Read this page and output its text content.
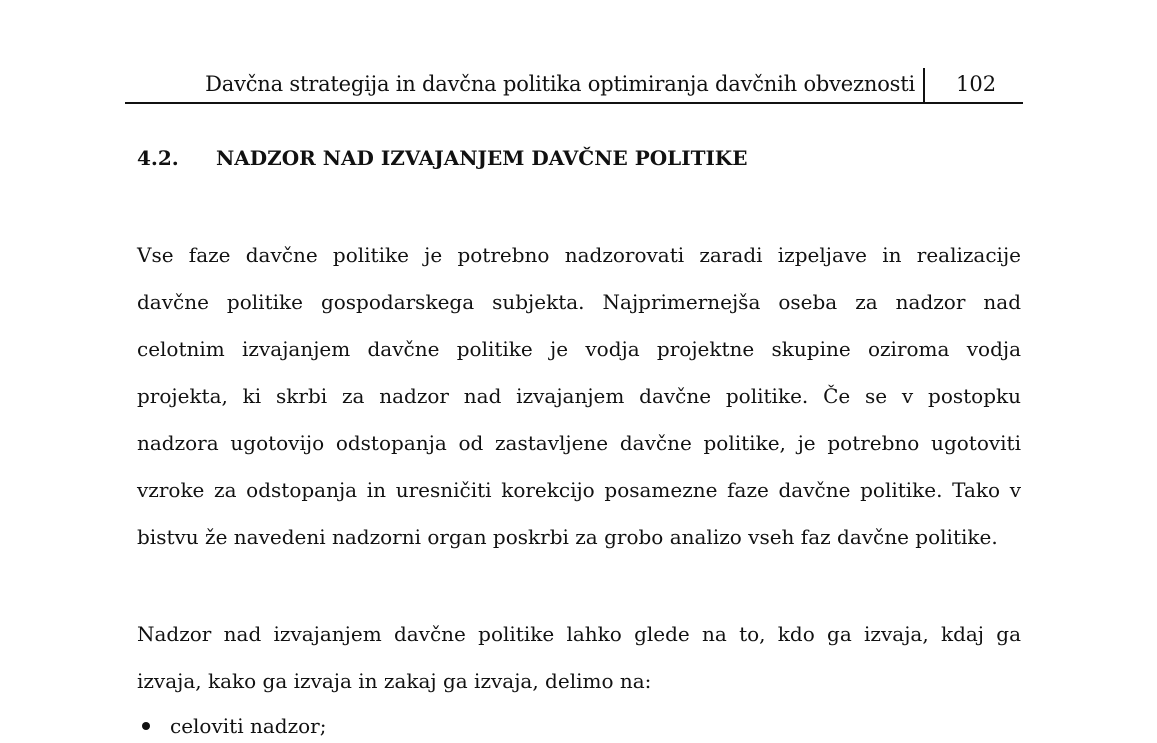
Davčna strategija in davčna politika optimiranja davčnih obveznosti 102
4.2. NADZOR NAD IZVAJANJEM DAVČNE POLITIKE
Vse faze davčne politike je potrebno nadzorovati zaradi izpeljave in realizacije
davčne politike gospodarskega subjekta. Najprimernejša oseba za nadzor nad
celotnim izvajanjem davčne politike je vodja projektne skupine oziroma vodja
projekta, ki skrbi za nadzor nad izvajanjem davčne politike. Če se v postopku
nadzora ugotovijo odstopanja od zastavljene davčne politike, je potrebno ugotoviti
vzroke za odstopanja in uresničiti korekcijo posamezne faze davčne politike. Tako v
bistvu že navedeni nadzorni organ poskrbi za grobo analizo vseh faz davčne politike.
Nadzor nad izvajanjem davčne politike lahko glede na to, kdo ga izvaja, kdaj ga
izvaja, kako ga izvaja in zakaj ga izvaja, delimo na:
celoviti nadzor;
